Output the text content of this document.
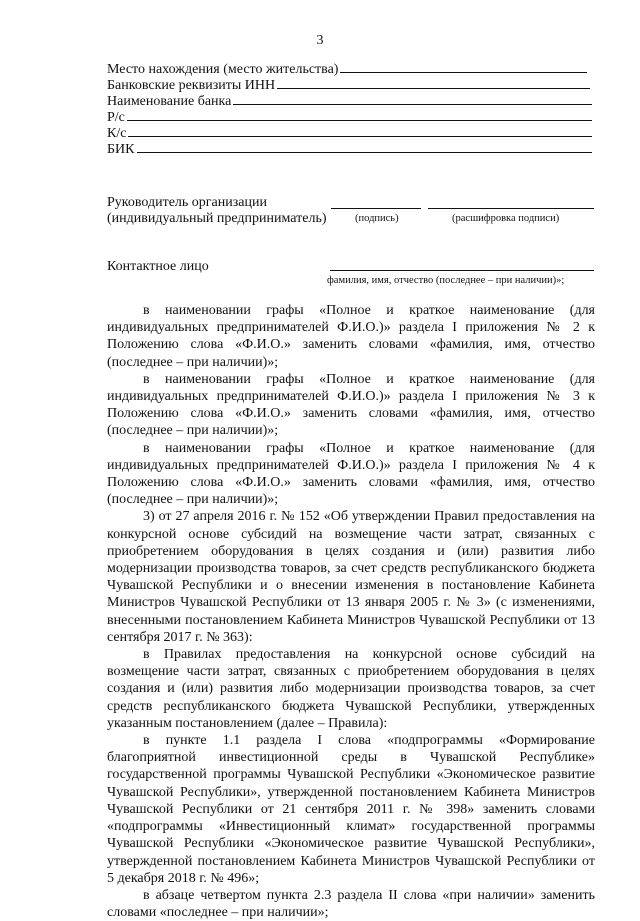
3
Место нахождения (место жительства)
Банковские реквизиты ИНН
Наименование банка
Р/с
К/с
БИК
Руководитель организации
(индивидуальный предприниматель)	(подпись)	(расшифровка подписи)
Контактное лицо
фамилия, имя, отчество (последнее – при наличии)»;

в наименовании графы «Полное и краткое наименование (для индивидуальных предпринимателей Ф.И.О.)» раздела I приложения № 2 к Положению слова «Ф.И.О.» заменить словами «фамилия, имя, отчество (последнее – при наличии)»;

в наименовании графы «Полное и краткое наименование (для индивидуальных предпринимателей Ф.И.О.)» раздела I приложения № 3 к Положению слова «Ф.И.О.» заменить словами «фамилия, имя, отчество (последнее – при наличии)»;

в наименовании графы «Полное и краткое наименование (для индивидуальных предпринимателей Ф.И.О.)» раздела I приложения № 4 к Положению слова «Ф.И.О.» заменить словами «фамилия, имя, отчество (последнее – при наличии)»;

3) от 27 апреля 2016 г. № 152 «Об утверждении Правил предоставления на конкурсной основе субсидий на возмещение части затрат, связанных с приобретением оборудования в целях создания и (или) развития либо модернизации производства товаров, за счет средств республиканского бюджета Чувашской Республики и о внесении изменения в постановление Кабинета Министров Чувашской Республики от 13 января 2005 г. № 3» (с изменениями, внесенными постановлением Кабинета Министров Чувашской Республики от 13 сентября 2017 г. № 363):

в Правилах предоставления на конкурсной основе субсидий на возмещение части затрат, связанных с приобретением оборудования в целях создания и (или) развития либо модернизации производства товаров, за счет средств республиканского бюджета Чувашской Республики, утвержденных указанным постановлением (далее – Правила):

в пункте 1.1 раздела I слова «подпрограммы «Формирование благоприятной инвестиционной среды в Чувашской Республике» государственной программы Чувашской Республики «Экономическое развитие Чувашской Республики», утвержденной постановлением Кабинета Министров Чувашской Республики от 21 сентября 2011 г. № 398» заменить словами «подпрограммы «Инвестиционный климат» государственной программы Чувашской Республики «Экономическое развитие Чувашской Республики», утвержденной постановлением Кабинета Министров Чувашской Республики от 5 декабря 2018 г. № 496»;

в абзаце четвертом пункта 2.3 раздела II слова «при наличии» заменить словами «последнее – при наличии»;
